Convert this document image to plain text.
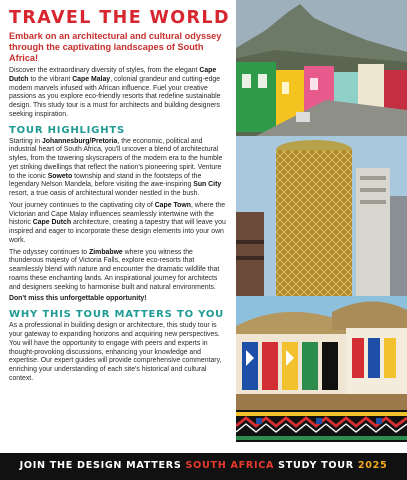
TRAVEL THE WORLD
Embark on an architectural and cultural odyssey through the captivating landscapes of South Africa!

Discover the extraordinary diversity of styles, from the elegant Cape Dutch to the vibrant Cape Malay, colonial grandeur and cutting-edge modern marvels infused with African influence. Fuel your creative passions as you explore eco-friendly resorts that redefine sustainable design. This study tour is a must for architects and building designers seeking inspiration.

TOUR HIGHLIGHTS

Starting in Johannesburg/Pretoria, the economic, political and industrial heart of South Africa, you'll uncover a blend of architectural styles, from the towering skyscrapers of the modern era to the humble yet striking dwellings that reflect the nation's pioneering spirit. Venture to the iconic Soweto township and stand in the footsteps of the legendary Nelson Mandela, before visiting the awe-inspiring Sun City resort, a true oasis of architectural wonder nestled in the bush.

Your journey continues to the captivating city of Cape Town, where the Victorian and Cape Malay influences seamlessly intertwine with the historic Cape Dutch architecture, creating a tapestry that will leave you inspired and eager to incorporate these design elements into your own work.

The odyssey continues to Zimbabwe where you witness the thunderous majesty of Victoria Falls, explore eco-resorts that seamlessly blend with nature and encounter the dramatic wildlife that roams these enchanting lands. An inspirational journey for architects and designers seeking to harmonise built and natural environments.

Don't miss this unforgettable opportunity!
WHY THIS TOUR MATTERS TO YOU

As a professional in building design or architecture, this study tour is your gateway to expanding horizons and acquiring new perspectives. You will have the opportunity to engage with peers and experts in thought-provoking discussions, enhancing your knowledge and expertise. Our expert guides will provide comprehensive commentary, enriching your understanding of each site's historical and cultural context.

JOIN THE DESIGN MATTERS SOUTH AFRICA STUDY TOUR 2025
